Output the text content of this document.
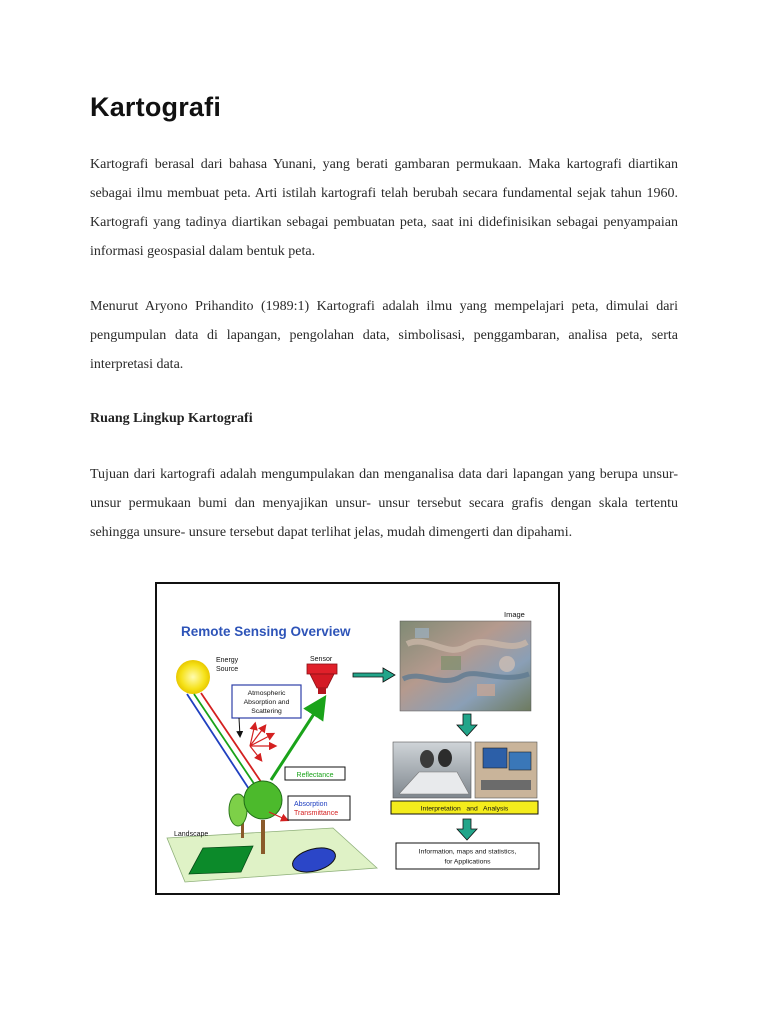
Kartografi

Kartografi berasal dari bahasa Yunani, yang berati gambaran permukaan. Maka kartografi diartikan sebagai ilmu membuat peta. Arti istilah kartografi telah berubah secara fundamental sejak tahun 1960. Kartografi yang tadinya diartikan sebagai pembuatan peta, saat ini didefinisikan sebagai penyampaian informasi geospasial dalam bentuk peta.

Menurut Aryono Prihandito (1989:1) Kartografi adalah ilmu yang mempelajari peta, dimulai dari pengumpulan data di lapangan, pengolahan data, simbolisasi, penggambaran, analisa peta, serta interpretasi data.

Ruang Lingkup Kartografi

Tujuan dari kartografi adalah mengumpulakan dan menganalisa data dari lapangan yang berupa unsur- unsur permukaan bumi dan menyajikan unsur- unsur tersebut secara grafis dengan skala tertentu sehingga unsure- unsure tersebut dapat terlihat jelas, mudah dimengerti dan dipahami.

Remote Sensing Overview
Image
Energy
Source
Sensor
Atmospheric
Absorption and
Scattering
Reflectance
Landscape
Absorption
Transmittance
Interpretation   and   Analysis
Information, maps and statistics,
for Applications
